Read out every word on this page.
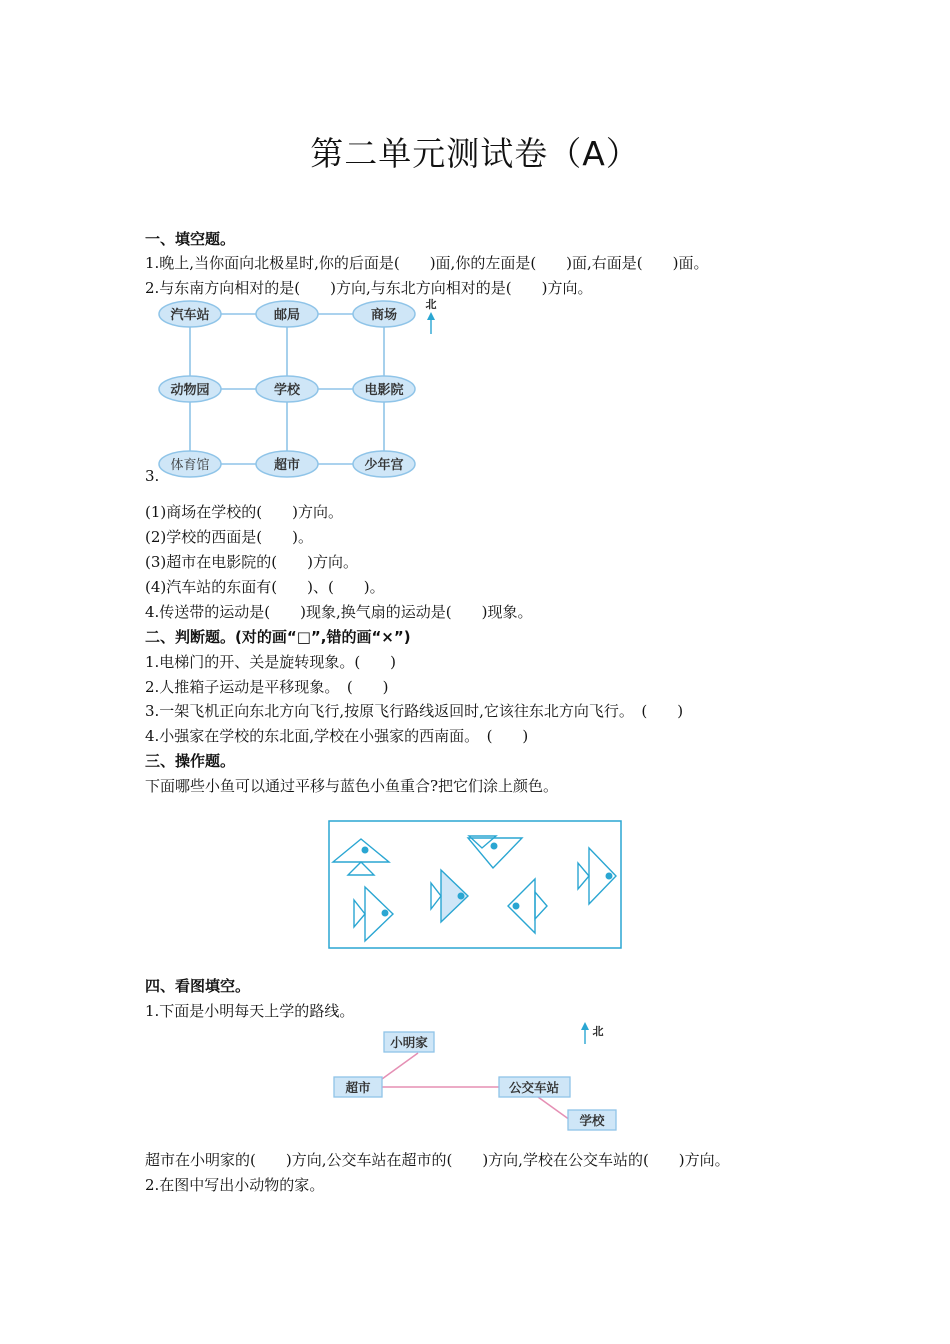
第二单元测试卷（A）
一、填空题。
1.晚上,当你面向北极星时,你的后面是(　　)面,你的左面是(　　)面,右面是(　　)面。
2.与东南方向相对的是(　　)方向,与东北方向相对的是(　　)方向。
北
汽车站	邮局	商场
动物园	学校	电影院
体育馆	超市	少年宫
3.
(1)商场在学校的(　　)方向。
(2)学校的西面是(　　)。
(3)超市在电影院的(　　)方向。
(4)汽车站的东面有(　　)、(　　)。
4.传送带的运动是(　　)现象,换气扇的运动是(　　)现象。
二、判断题。(对的画“□”,错的画“×”)
1.电梯门的开、关是旋转现象。(　　)
2.人推箱子运动是平移现象。　(　　)
3.一架飞机正向东北方向飞行,按原飞行路线返回时,它该往东北方向飞行。　(　　)
4.小强家在学校的东北面,学校在小强家的西南面。　(　　)
三、操作题。
下面哪些小鱼可以通过平移与蓝色小鱼重合?把它们涂上颜色。
四、看图填空。
1.下面是小明每天上学的路线。
北
小明家
超市	公交车站
学校
超市在小明家的(　　)方向,公交车站在超市的(　　)方向,学校在公交车站的(　　)方向。
2.在图中写出小动物的家。
